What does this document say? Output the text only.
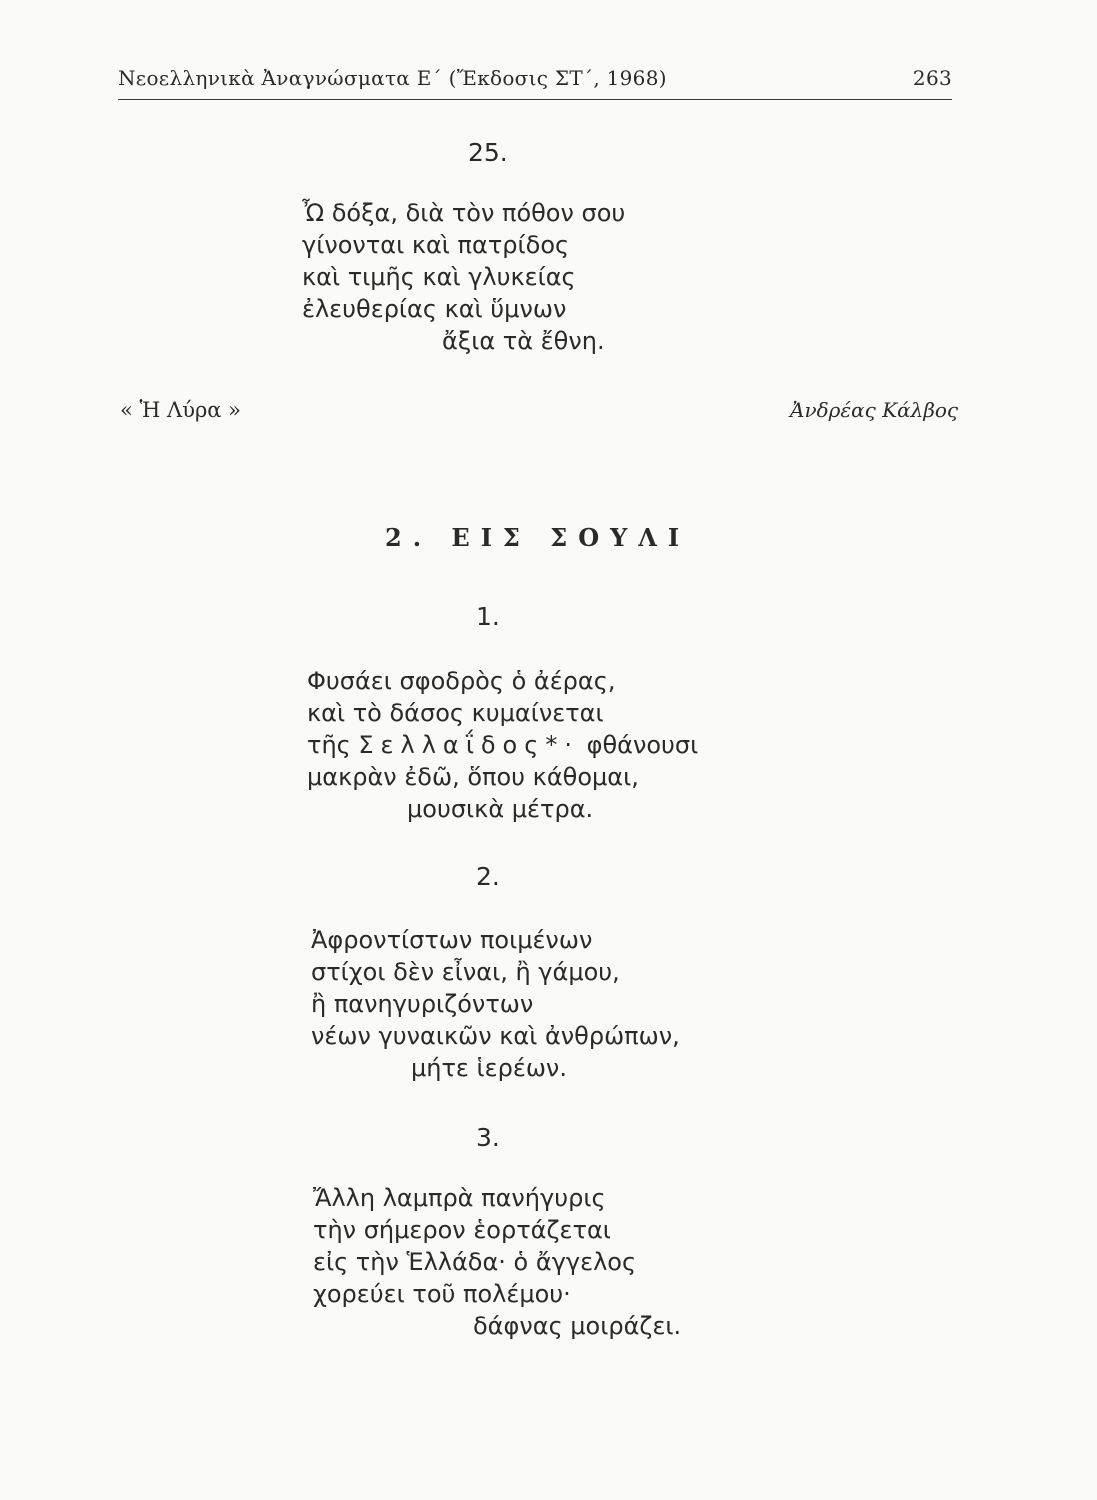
Νεοελληνικὰ Ἀναγνώσματα Ε΄ (Ἔκδοσις ΣΤ΄, 1968)	263
25.
Ὦ δόξα, διὰ τὸν πόθον σου
γίνονται καὶ πατρίδος
καὶ τιμῆς καὶ γλυκείας
ἐλευθερίας καὶ ὕμνων
ἄξια τὰ ἔθνη.
« Ἡ Λύρα »	Ἀνδρέας Κάλβος
2. ΕΙΣ ΣΟΥΛΙ
1.
Φυσάει σφοδρὸς ὁ ἀέρας,
καὶ τὸ δάσος κυμαίνεται
τῆς Σελλαΐδος*· φθάνουσι
μακρὰν ἐδῶ, ὅπου κάθομαι,
μουσικὰ μέτρα.
2.
Ἀφροντίστων ποιμένων
στίχοι δὲν εἶναι, ἢ γάμου,
ἢ πανηγυριζόντων
νέων γυναικῶν καὶ ἀνθρώπων,
μήτε ἱερέων.
3.
Ἄλλη λαμπρὰ πανήγυρις
τὴν σήμερον ἑορτάζεται
εἰς τὴν Ἑλλάδα· ὁ ἄγγελος
χορεύει τοῦ πολέμου·
δάφνας μοιράζει.
